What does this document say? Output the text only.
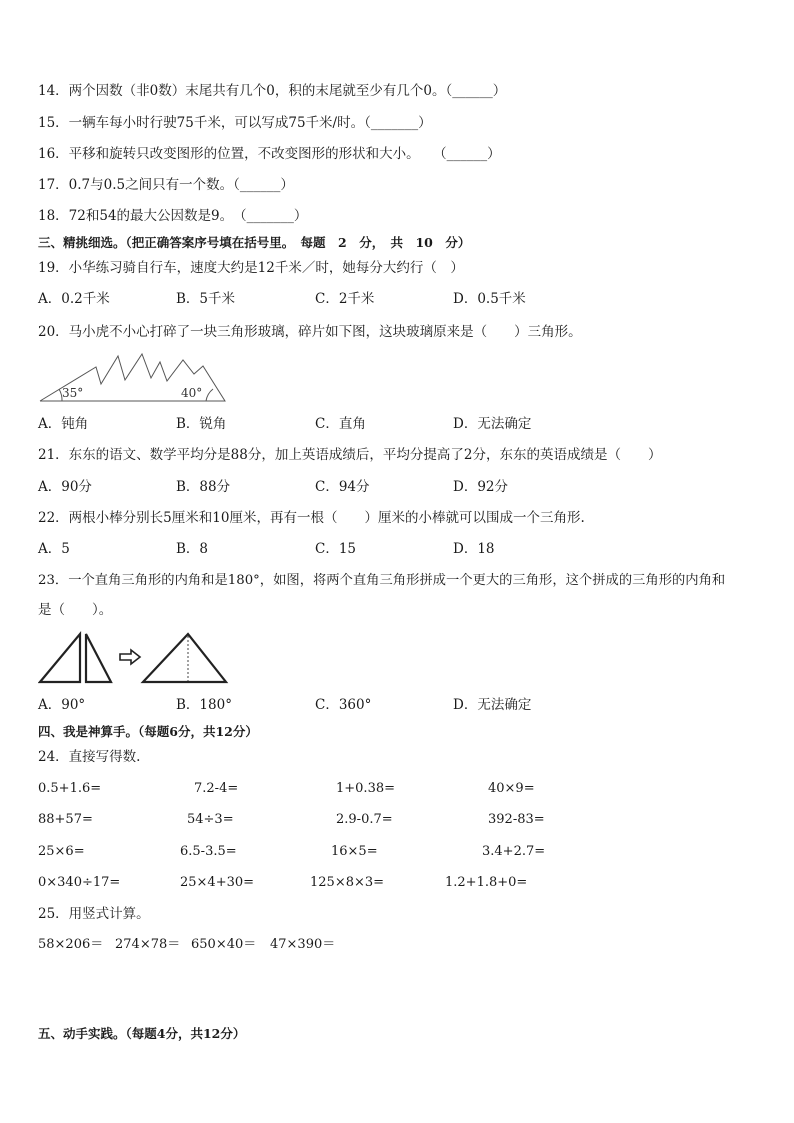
14．两个因数（非0数）末尾共有几个0，积的末尾就至少有几个0。（______）
15．一辆车每小时行驶75千米，可以写成75千米/时。（_______）
16．平移和旋转只改变图形的位置，不改变图形的形状和大小。　　（______）
17．0.7与0.5之间只有一个数。（______）
18．72和54的最大公因数是9。　（_______）
三、精挑细选。（把正确答案序号填在括号里。　每题　2　分，　共　10　分）
19．小华练习骑自行车，速度大约是12千米／时，她每分大约行（　）
A．0.2千米	B．5千米	C．2千米	D．0.5千米
20．马小虎不小心打碎了一块三角形玻璃，碎片如下图，这块玻璃原来是（　　）三角形。
35°	40°
A．钝角	B．锐角	C．直角	D．无法确定
21．东东的语文、数学平均分是88分，加上英语成绩后，平均分提高了2分，东东的英语成绩是（　　）
A．90分	B．88分	C．94分	D．92分
22．两根小棒分别长5厘米和10厘米，再有一根（　　）厘米的小棒就可以围成一个三角形.
A．5	B．8	C．15	D．18
23．一个直角三角形的内角和是180°，如图，将两个直角三角形拼成一个更大的三角形，这个拼成的三角形的内角和
是（　　）。
A．90°	B．180°	C．360°	D．无法确定
四、我是神算手。（每题6分，共12分）
24．直接写得数.
0.5+1.6=	7.2-4=	1+0.38=	40×9=
88+57=	54÷3=	2.9-0.7=	392-83=
25×6=	6.5-3.5=	16×5=	3.4+2.7=
0×340÷17=	25×4+30=	125×8×3=	1.2+1.8+0=
25．用竖式计算。
58×206＝ 274×78＝ 650×40＝ 47×390＝
五、动手实践。（每题4分，共12分）
